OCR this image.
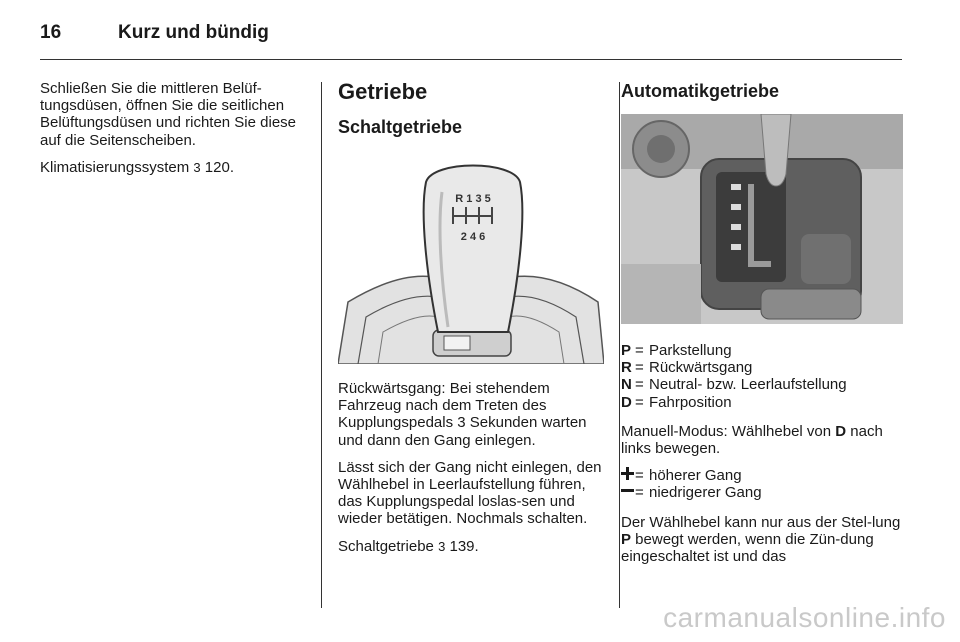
16	Kurz und bündig

Schließen Sie die mittleren Belüf-tungsdüsen, öffnen Sie die seitlichen Belüftungsdüsen und richten Sie diese auf die Seitenscheiben.

Klimatisierungssystem 3 120.

Getriebe
Schaltgetriebe
R 1 3 5
2 4 6

Rückwärtsgang: Bei stehendem Fahrzeug nach dem Treten des Kupplungspedals 3 Sekunden warten und dann den Gang einlegen.

Lässt sich der Gang nicht einlegen, den Wählhebel in Leerlaufstellung führen, das Kupplungspedal loslas-sen und wieder betätigen. Nochmals schalten.

Schaltgetriebe 3 139.

Automatikgetriebe
P = Parkstellung
R = Rückwärtsgang
N = Neutral- bzw. Leerlaufstellung
D = Fahrposition

Manuell-Modus: Wählhebel von D nach links bewegen.

= höherer Gang
= niedrigerer Gang

Der Wählhebel kann nur aus der Stel-lung P bewegt werden, wenn die Zün-dung eingeschaltet ist und das

carmanualsonline.info
